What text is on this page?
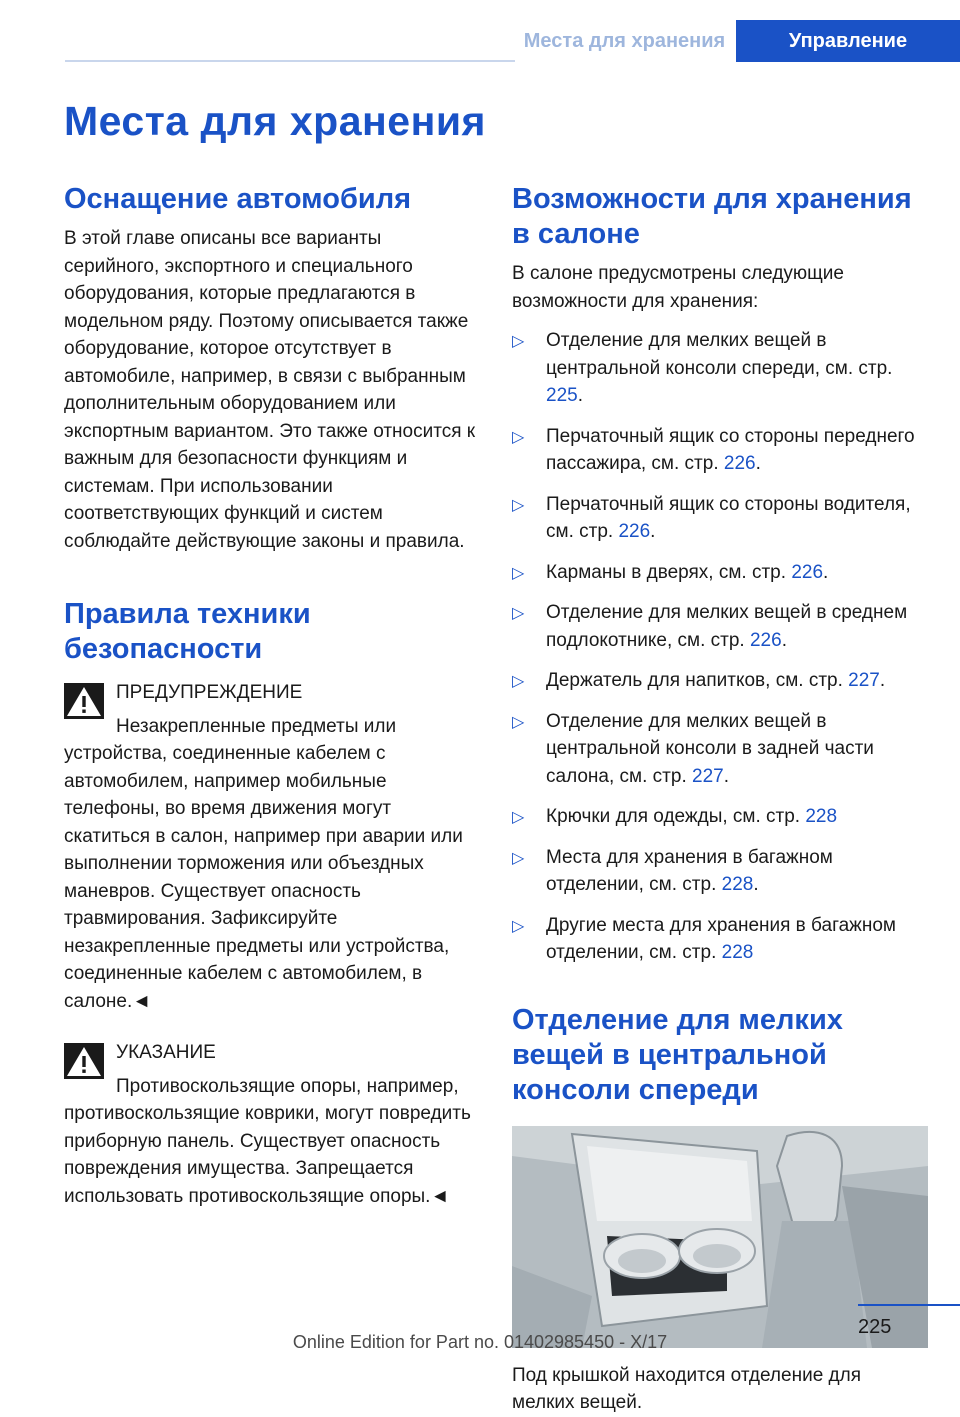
Места для хранения	Управление
Места для хранения
Оснащение автомобиля

В этой главе описаны все варианты серийного, экспортного и специального оборудования, которые предлагаются в модельном ряду. Поэтому описывается также оборудование, которое отсутствует в автомобиле, например, в связи с выбранным дополнительным оборудованием или экспортным вариантом. Это также относится к важным для безопасности функциям и системам. При использовании соответствующих функций и систем соблюдайте действующие законы и правила.

Правила техники безопасности
ПРЕДУПРЕЖДЕНИЕ

Незакрепленные предметы или устройства, соединенные кабелем с автомобилем, например мобильные телефоны, во время движения могут скатиться в салон, например при аварии или выполнении торможения или объездных маневров. Существует опасность травмирования. Зафиксируйте незакрепленные предметы или устройства, соединенные кабелем с автомобилем, в салоне.◄

УКАЗАНИЕ

Противоскользящие опоры, например, противоскользящие коврики, могут повредить приборную панель. Существует опасность повреждения имущества. Запрещается использовать противоскользящие опоры.◄

Возможности для хранения в салоне

В салоне предусмотрены следующие возможности для хранения:

▷ Отделение для мелких вещей в центральной консоли спереди, см. стр. 225.
▷ Перчаточный ящик со стороны переднего пассажира, см. стр. 226.
▷ Перчаточный ящик со стороны водителя, см. стр. 226.
▷ Карманы в дверях, см. стр. 226.
▷ Отделение для мелких вещей в среднем подлокотнике, см. стр. 226.
▷ Держатель для напитков, см. стр. 227.
▷ Отделение для мелких вещей в центральной консоли в задней части салона, см. стр. 227.
▷ Крючки для одежды, см. стр. 228
▷ Места для хранения в багажном отделении, см. стр. 228.
▷ Другие места для хранения в багажном отделении, см. стр. 228
Отделение для мелких вещей в центральной консоли спереди

Под крышкой находится отделение для мелких вещей.

225
Online Edition for Part no. 01402985450 - X/17
